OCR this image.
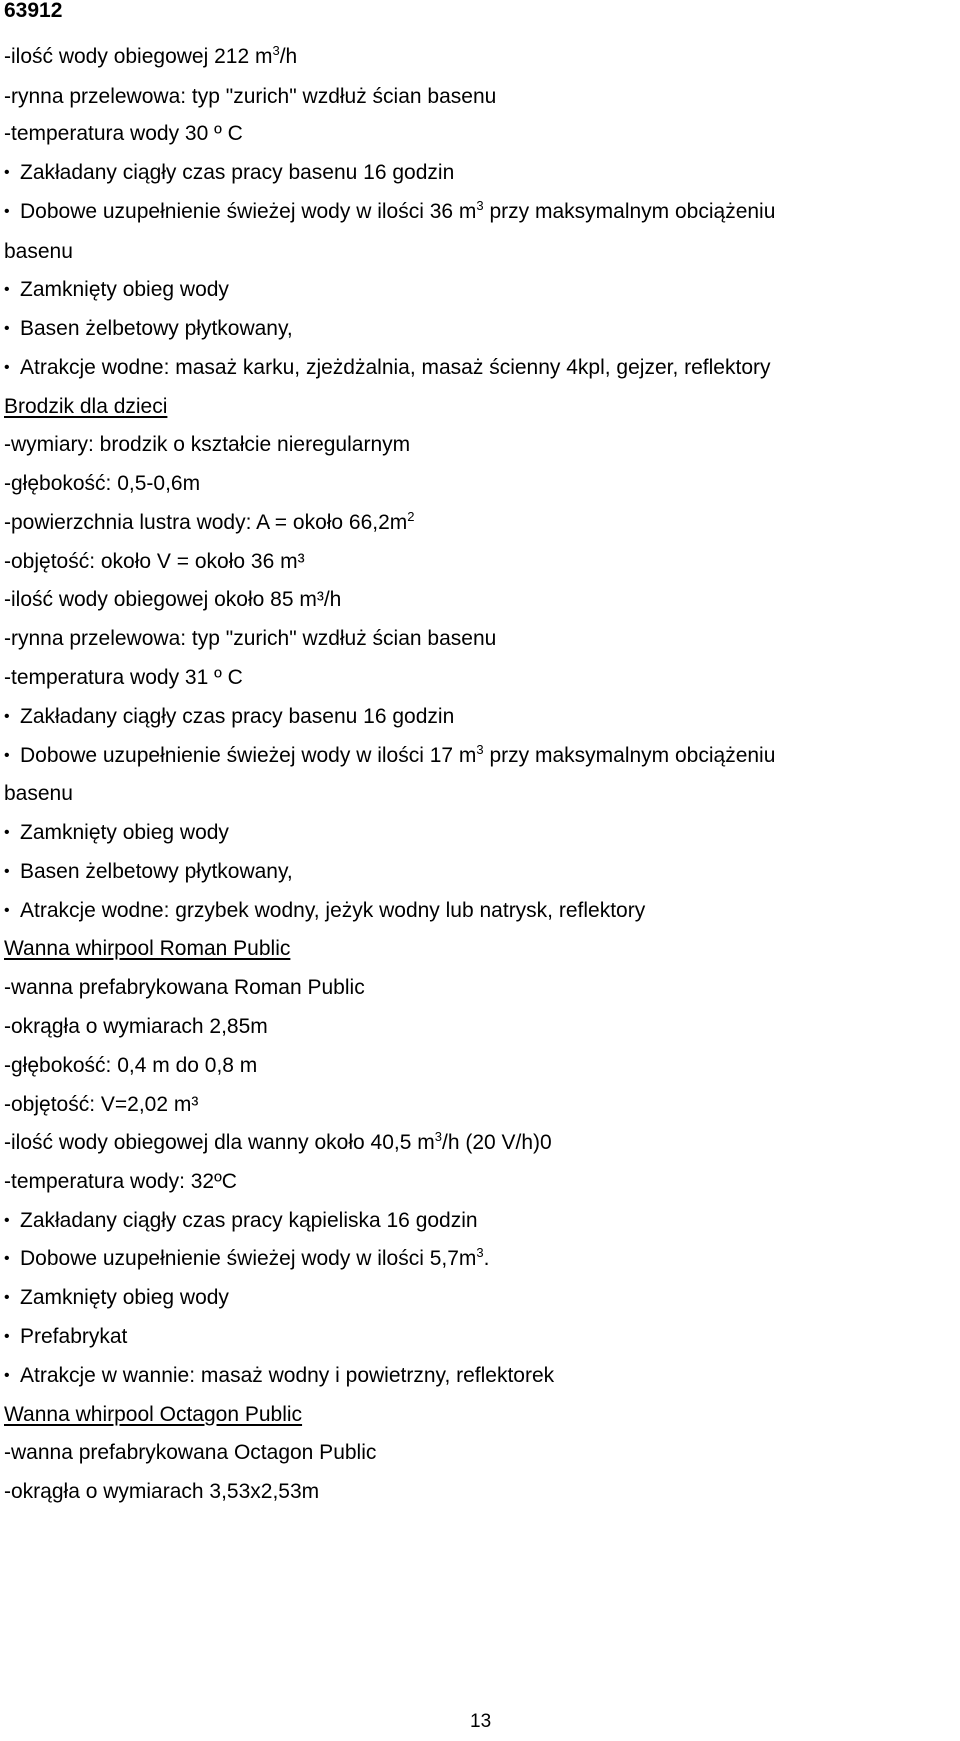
63912
-ilość wody obiegowej 212 $m^3/h$
-rynna przelewowa: typ "zurich" wzdłuż ścian basenu
-temperatura wody 30 º C
• Zakładany ciągły czas pracy basenu 16 godzin
• Dobowe uzupełnienie świeżej wody w ilości 36 $m^3$ przy maksymalnym obciążeniu
basenu
• Zamknięty obieg wody
• Basen żelbetowy płytkowany,
• Atrakcje wodne: masaż karku, zjeżdżalnia, masaż ścienny 4kpl, gejzer, reflektory
Brodzik dla dzieci
-wymiary: brodzik o kształcie nieregularnym
-głębokość: 0,5-0,6m
-powierzchnia lustra wody: A = około $66,2m^2$
-objętość: około V = około 36 m³
-ilość wody obiegowej około 85 m³/h
-rynna przelewowa: typ "zurich" wzdłuż ścian basenu
-temperatura wody 31 º C
• Zakładany ciągły czas pracy basenu 16 godzin
• Dobowe uzupełnienie świeżej wody w ilości 17 $m^3$ przy maksymalnym obciążeniu
basenu
• Zamknięty obieg wody
• Basen żelbetowy płytkowany,
• Atrakcje wodne: grzybek wodny, jeżyk wodny lub natrysk, reflektory
Wanna whirpool Roman Public
-wanna prefabrykowana Roman Public
-okrągła o wymiarach 2,85m
-głębokość: 0,4 m do 0,8 m
-objętość: V=2,02 m³
-ilość wody obiegowej dla wanny około 40,5 $m^3/h$ (20 V/h)0
-temperatura wody: 32ºC
• Zakładany ciągły czas pracy kąpieliska 16 godzin
• Dobowe uzupełnienie świeżej wody w ilości $5,7m^3$.
• Zamknięty obieg wody
• Prefabrykat
• Atrakcje w wannie: masaż wodny i powietrzny, reflektorek
Wanna whirpool Octagon Public
-wanna prefabrykowana Octagon Public
-okrągła o wymiarach 3,53x2,53m
13
